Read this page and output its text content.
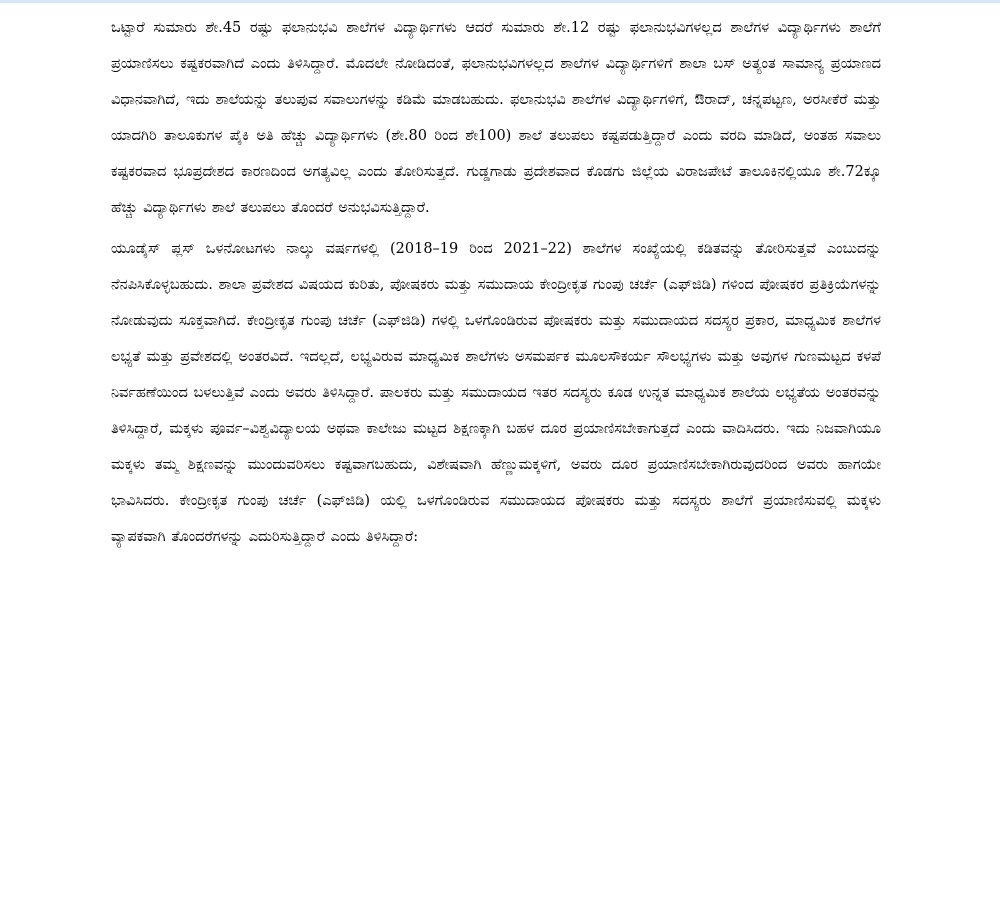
ಒಟ್ಟಾರೆ ಸುಮಾರು ಶೇ.45 ರಷ್ಟು ಫಲಾನುಭವಿ ಶಾಲೆಗಳ ವಿದ್ಯಾರ್ಥಿಗಳು ಆದರೆ ಸುಮಾರು ಶೇ.12 ರಷ್ಟು ಫಲಾನುಭವಿಗಳಲ್ಲದ ಶಾಲೆಗಳ ವಿದ್ಯಾರ್ಥಿಗಳು ಶಾಲೆಗೆ ಪ್ರಯಾಣಿಸಲು ಕಷ್ಟಕರವಾಗಿದೆ ಎಂದು ತಿಳಿಸಿದ್ದಾರೆ. ಮೊದಲೇ ನೋಡಿದಂತೆ, ಫಲಾನುಭವಿಗಳಲ್ಲದ ಶಾಲೆಗಳ ವಿದ್ಯಾರ್ಥಿಗಳಿಗೆ ಶಾಲಾ ಬಸ್ ಅತ್ಯಂತ ಸಾಮಾನ್ಯ ಪ್ರಯಾಣದ ವಿಧಾನವಾಗಿದೆ, ಇದು ಶಾಲೆಯನ್ನು ತಲುಪುವ ಸವಾಲುಗಳನ್ನು ಕಡಿಮೆ ಮಾಡಬಹುದು. ಫಲಾನುಭವಿ ಶಾಲೆಗಳ ವಿದ್ಯಾರ್ಥಿಗಳಿಗೆ, ಔರಾದ್, ಚನ್ನಪಟ್ಟಣ, ಅರಸೀಕೆರೆ ಮತ್ತು ಯಾದಗಿರಿ ತಾಲೂಕುಗಳ ಪೈಕಿ ಅತಿ ಹೆಚ್ಚು ವಿದ್ಯಾರ್ಥಿಗಳು (ಶೇ.80 ರಿಂದ ಶೇ100) ಶಾಲೆ ತಲುಪಲು ಕಷ್ಟಪಡುತ್ತಿದ್ದಾರೆ ಎಂದು ವರದಿ ಮಾಡಿದೆ, ಅಂತಹ ಸವಾಲು ಕಷ್ಟಕರವಾದ ಭೂಪ್ರದೇಶದ ಕಾರಣದಿಂದ ಅಗತ್ಯವಿಲ್ಲ ಎಂದು ತೋರಿಸುತ್ತದೆ. ಗುಡ್ಡಗಾಡು ಪ್ರದೇಶವಾದ ಕೊಡಗು ಜಿಲ್ಲೆಯ ವಿರಾಜಪೇಟೆ ತಾಲೂಕಿನಲ್ಲಿಯೂ ಶೇ.72ಕ್ಕೂ ಹೆಚ್ಚು ವಿದ್ಯಾರ್ಥಿಗಳು ಶಾಲೆ ತಲುಪಲು ತೊಂದರೆ ಅನುಭವಿಸುತ್ತಿದ್ದಾರೆ.

ಯೂಡೈಸ್ ಪ್ಲಸ್ ಒಳನೋಟಗಳು ನಾಲ್ಕು ವರ್ಷಗಳಲ್ಲಿ (2018–19 ರಿಂದ 2021–22) ಶಾಲೆಗಳ ಸಂಖ್ಯೆಯಲ್ಲಿ ಕಡಿತವನ್ನು ತೋರಿಸುತ್ತವೆ ಎಂಬುದನ್ನು ನೆನಪಿಸಿಕೊಳ್ಳಬಹುದು. ಶಾಲಾ ಪ್ರವೇಶದ ವಿಷಯದ ಕುರಿತು, ಪೋಷಕರು ಮತ್ತು ಸಮುದಾಯ ಕೇಂದ್ರೀಕೃತ ಗುಂಪು ಚರ್ಚೆ (ಎಫ್‌ಜಿಡಿ) ಗಳಿಂದ ಪೋಷಕರ ಪ್ರತಿಕ್ರಿಯೆಗಳನ್ನು ನೋಡುವುದು ಸೂಕ್ತವಾಗಿದೆ. ಕೇಂದ್ರೀಕೃತ ಗುಂಪು ಚರ್ಚೆ (ಎಫ್‌ಜಿಡಿ) ಗಳಲ್ಲಿ ಒಳಗೊಂಡಿರುವ ಪೋಷಕರು ಮತ್ತು ಸಮುದಾಯದ ಸದಸ್ಯರ ಪ್ರಕಾರ, ಮಾಧ್ಯಮಿಕ ಶಾಲೆಗಳ ಲಭ್ಯತೆ ಮತ್ತು ಪ್ರವೇಶದಲ್ಲಿ ಅಂತರವಿದೆ. ಇದಲ್ಲದೆ, ಲಭ್ಯವಿರುವ ಮಾಧ್ಯಮಿಕ ಶಾಲೆಗಳು ಅಸಮರ್ಪಕ ಮೂಲಸೌಕರ್ಯ ಸೌಲಭ್ಯಗಳು ಮತ್ತು ಅವುಗಳ ಗುಣಮಟ್ಟದ ಕಳಪೆ ನಿರ್ವಹಣೆಯಿಂದ ಬಳಲುತ್ತಿವೆ ಎಂದು ಅವರು ತಿಳಿಸಿದ್ದಾರೆ. ಪಾಲಕರು ಮತ್ತು ಸಮುದಾಯದ ಇತರ ಸದಸ್ಯರು ಕೂಡ ಉನ್ನತ ಮಾಧ್ಯಮಿಕ ಶಾಲೆಯ ಲಭ್ಯತೆಯ ಅಂತರವನ್ನು ತಿಳಿಸಿದ್ದಾರೆ, ಮಕ್ಕಳು ಪೂರ್ವ–ವಿಶ್ವವಿದ್ಯಾಲಯ ಅಥವಾ ಕಾಲೇಜು ಮಟ್ಟದ ಶಿಕ್ಷಣಕ್ಕಾಗಿ ಬಹಳ ದೂರ ಪ್ರಯಾಣಿಸಬೇಕಾಗುತ್ತದೆ ಎಂದು ವಾದಿಸಿದರು. ಇದು ನಿಜವಾಗಿಯೂ ಮಕ್ಕಳು ತಮ್ಮ ಶಿಕ್ಷಣವನ್ನು ಮುಂದುವರಿಸಲು ಕಷ್ಟವಾಗಬಹುದು, ವಿಶೇಷವಾಗಿ ಹೆಣ್ಣುಮಕ್ಕಳಿಗೆ, ಅವರು ದೂರ ಪ್ರಯಾಣಿಸಬೇಕಾಗಿರುವುದರಿಂದ ಅವರು ಹಾಗಯೇ ಭಾವಿಸಿದರು. ಕೇಂದ್ರೀಕೃತ ಗುಂಪು ಚರ್ಚೆ (ಎಫ್‌ಜಿಡಿ) ಯಲ್ಲಿ ಒಳಗೊಂಡಿರುವ ಸಮುದಾಯದ ಪೋಷಕರು ಮತ್ತು ಸದಸ್ಯರು ಶಾಲೆಗೆ ಪ್ರಯಾಣಿಸುವಲ್ಲಿ ಮಕ್ಕಳು ವ್ಯಾಪಕವಾಗಿ ತೊಂದರೆಗಳನ್ನು ಎದುರಿಸುತ್ತಿದ್ದಾರೆ ಎಂದು ತಿಳಿಸಿದ್ದಾರೆ:
